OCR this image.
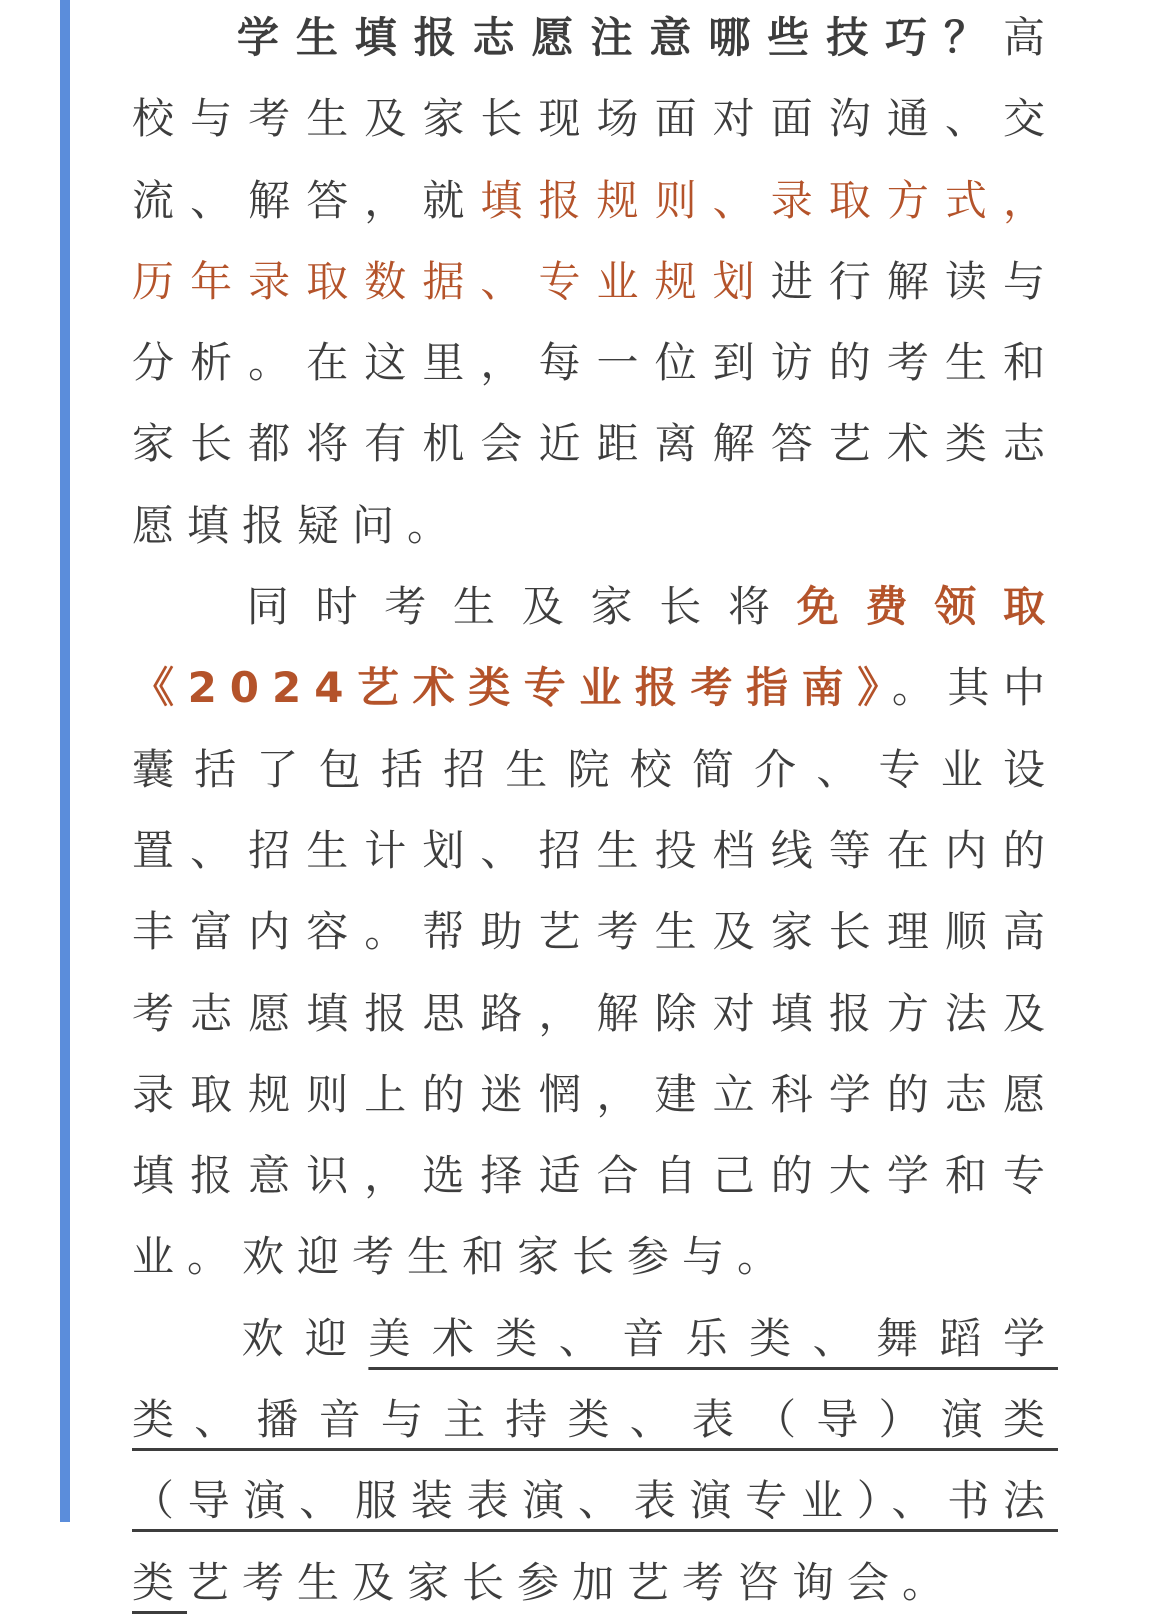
学生填报志愿注意哪些技巧？高校与考生及家长现场面对面沟通、交流、解答，就填报规则、录取方式，历年录取数据、专业规划进行解读与分析。在这里，每一位到访的考生和家长都将有机会近距离解答艺术类志愿填报疑问。

同时考生及家长将免费领取《2024艺术类专业报考指南》。其中囊括了包括招生院校简介、专业设置、招生计划、招生投档线等在内的丰富内容。帮助艺考生及家长理顺高考志愿填报思路，解除对填报方法及录取规则上的迷惘，建立科学的志愿填报意识，选择适合自己的大学和专业。欢迎考生和家长参与。

欢迎美术类、音乐类、舞蹈学类、播音与主持类、表（导）演类（导演、服装表演、表演专业）、书法类艺考生及家长参加艺考咨询会。
